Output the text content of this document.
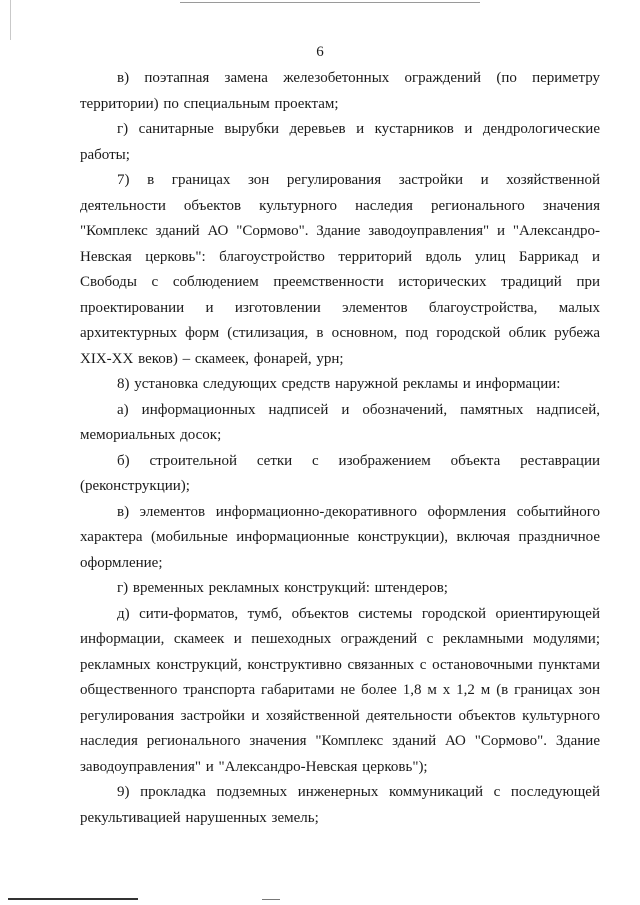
6

в) поэтапная замена железобетонных ограждений (по периметру территории) по специальным проектам;

г) санитарные вырубки деревьев и кустарников и дендрологические работы;

7) в границах зон регулирования застройки и хозяйственной деятельности объектов культурного наследия регионального значения "Комплекс зданий АО "Сормово". Здание заводоуправления" и "Александро-Невская церковь": благоустройство территорий вдоль улиц Баррикад и Свободы с соблюдением преемственности исторических традиций при проектировании и изготовлении элементов благоустройства, малых архитектурных форм (стилизация, в основном, под городской облик рубежа XIX-XX веков) – скамеек, фонарей, урн;

8) установка следующих средств наружной рекламы и информации:

а) информационных надписей и обозначений, памятных надписей, мемориальных досок;

б) строительной сетки с изображением объекта реставрации (реконструкции);

в) элементов информационно-декоративного оформления событийного характера (мобильные информационные конструкции), включая праздничное оформление;

г) временных рекламных конструкций: штендеров;

д) сити-форматов, тумб, объектов системы городской ориентирующей информации, скамеек и пешеходных ограждений с рекламными модулями; рекламных конструкций, конструктивно связанных с остановочными пунктами общественного транспорта габаритами не более 1,8 м х 1,2 м (в границах зон регулирования застройки и хозяйственной деятельности объектов культурного наследия регионального значения "Комплекс зданий АО "Сормово". Здание заводоуправления" и "Александро-Невская церковь");

9) прокладка подземных инженерных коммуникаций с последующей рекультивацией нарушенных земель;
